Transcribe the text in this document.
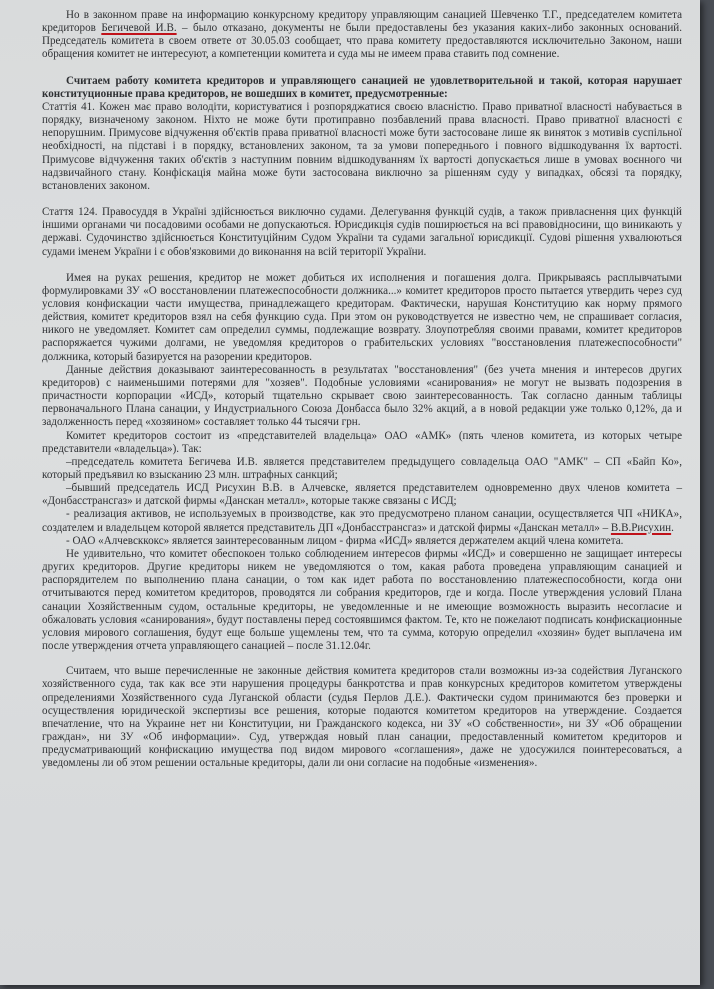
Но в законном праве на информацию конкурсному кредитору управляющим санацией Шевченко Т.Г., председателем комитета кредиторов Бегичевой И.В. – было отказано, документы не были предоставлены без указания каких-либо законных оснований. Председатель комитета в своем ответе от 30.05.03 сообщает, что права комитету предоставляются исключительно Законом, наши обращения комитет не интересуют, а компетенции комитета и суда мы не имеем права ставить под сомнение.

Считаем работу комитета кредиторов и управляющего санацией не удовлетворительной и такой, которая нарушает конституционные права кредиторов, не вошедших в комитет, предусмотренные:

Статтія 41. Кожен має право володіти, користуватися і розпоряджатися своєю власністю. Право приватної власності набувається в порядку, визначеному законом. Ніхто не може бути протиправно позбавлений права власності. Право приватної власності є непорушним. Примусове відчуження об'єктів права приватної власності може бути застосоване лише як виняток з мотивів суспільної необхідності, на підставі і в порядку, встановлених законом, та за умови попереднього і повного відшкодування їх вартості. Примусове відчуження таких об'єктів з наступним повним відшкодуванням їх вартості допускається лише в умовах воєнного чи надзвичайного стану. Конфіскація майна може бути застосована виключно за рішенням суду у випадках, обсязі та порядку, встановлених законом.

Стаття 124. Правосуддя в Україні здійснюється виключно судами. Делегування функцій судів, а також привласнення цих функцій іншими органами чи посадовими особами не допускаються. Юрисдикція судів поширюється на всі правовідносини, що виникають у державі. Судочинство здійснюється Конституційним Судом України та судами загальної юрисдикції. Судові рішення ухвалюються судами іменем України і є обов'язковими до виконання на всій території України.

Имея на руках решения, кредитор не может добиться их исполнения и погашения долга. Прикрываясь расплывчатыми формулировками ЗУ «О восстановлении платежеспособности должника...» комитет кредиторов просто пытается утвердить через суд условия конфискации части имущества, принадлежащего кредиторам. Фактически, нарушая Конституцию как норму прямого действия, комитет кредиторов взял на себя функцию суда. При этом он руководствуется не известно чем, не спрашивает согласия, никого не уведомляет. Комитет сам определил суммы, подлежащие возврату. Злоупотребляя своими правами, комитет кредиторов распоряжается чужими долгами, не уведомляя кредиторов о грабительских условиях "восстановления платежеспособности" должника, который базируется на разорении кредиторов.

Данные действия доказывают заинтересованность в результатах "восстановления" (без учета мнения и интересов других кредиторов) с наименьшими потерями для "хозяев". Подобные условиями «санирования» не могут не вызвать подозрения в причастности корпорации «ИСД», который тщательно скрывает свою заинтересованность. Так согласно данным таблицы первоначального Плана санации, у Индустриального Союза Донбасса было 32% акций, а в новой редакции уже только 0,12%, да и задолженность перед «хозяином» составляет только 44 тысячи грн.

Комитет кредиторов состоит из «представителей владельца» ОАО «АМК» (пять членов комитета, из которых четыре представители «владельца»). Так:

–председатель комитета Бегичева И.В. является представителем предыдущего совладельца ОАО "АМК" – СП «Байп Ко», который предъявил ко взысканию 23 млн. штрафных санкций;

–бывший председатель ИСД Рисухин В.В. в Алчевске, является представителем одновременно двух членов комитета – «Донбасстрансгаз» и датской фирмы «Данскан металл», которые также связаны с ИСД;

- реализация активов, не используемых в производстве, как это предусмотрено планом санации, осуществляется ЧП «НИКА», создателем и владельцем которой является представитель ДП «Донбасстрансгаз» и датской фирмы «Данскан металл» – В.В.Рисухин.

- ОАО «Алчевсккокс» является заинтересованным лицом - фирма «ИСД» является держателем акций члена комитета.

Не удивительно, что комитет обеспокоен только соблюдением интересов фирмы «ИСД» и совершенно не защищает интересы других кредиторов. Другие кредиторы никем не уведомляются о том, какая работа проведена управляющим санацией и распорядителем по выполнению плана санации, о том как идет работа по восстановлению платежеспособности, когда они отчитываются перед комитетом кредиторов, проводятся ли собрания кредиторов, где и когда. После утверждения условий Плана санации Хозяйственным судом, остальные кредиторы, не уведомленные и не имеющие возможность выразить несогласие и обжаловать условия «санирования», будут поставлены перед состоявшимся фактом. Те, кто не пожелают подписать конфискационные условия мирового соглашения, будут еще больше ущемлены тем, что та сумма, которую определил «хозяин» будет выплачена им после утверждения отчета управляющего санацией – после 31.12.04г.

Считаем, что выше перечисленные не законные действия комитета кредиторов стали возможны из-за содействия Луганского хозяйственного суда, так как все эти нарушения процедуры банкротства и прав конкурсных кредиторов комитетом утверждены определениями Хозяйственного суда Луганской области (судья Перлов Д.Е.). Фактически судом принимаются без проверки и осуществления юридической экспертизы все решения, которые подаются комитетом кредиторов на утверждение. Создается впечатление, что на Украине нет ни Конституции, ни Гражданского кодекса, ни ЗУ «О собственности», ни ЗУ «Об обращении граждан», ни ЗУ «Об информации». Суд, утверждая новый план санации, предоставленный комитетом кредиторов и предусматривающий конфискацию имущества под видом мирового «соглашения», даже не удосужился поинтересоваться, а уведомлены ли об этом решении остальные кредиторы, дали ли они согласие на подобные «изменения».
